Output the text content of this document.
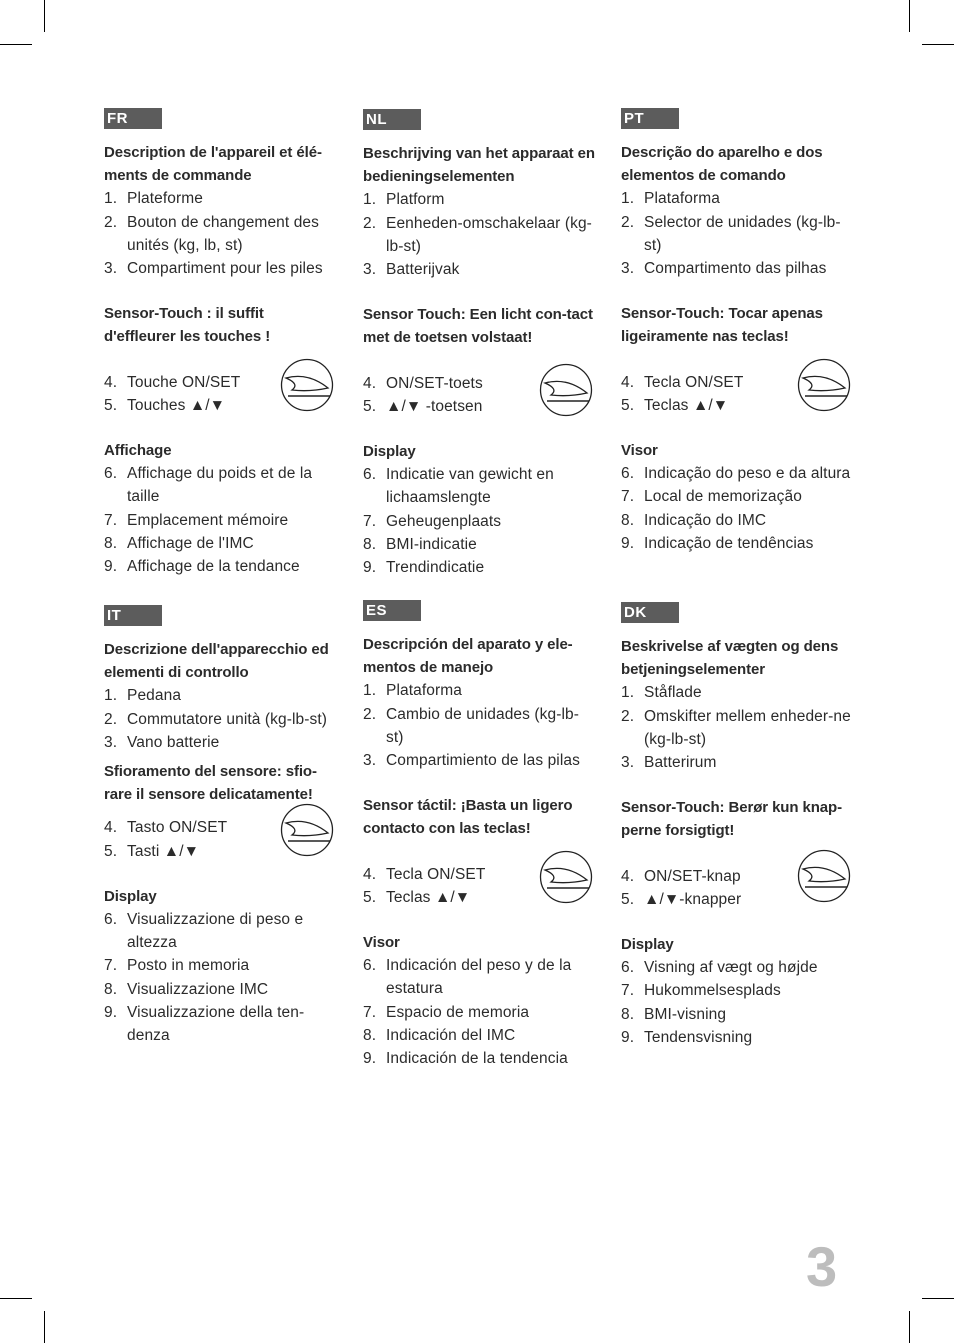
FR
Description de l'appareil et élé-ments de commande
1. Plateforme
2. Bouton de changement des unités (kg, lb, st)
3. Compartiment pour les piles
Sensor-Touch : il suffit d'effleurer les touches !
4. Touche ON/SET
5. Touches ▲/▼
Affichage
6. Affichage du poids et de la taille
7. Emplacement mémoire
8. Affichage de l'IMC
9. Affichage de la tendance
IT
Descrizione dell'apparecchio ed elementi di controllo
1. Pedana
2. Commutatore unità (kg-lb-st)
3. Vano batterie
Sfioramento del sensore: sfio-rare il sensore delicatamente!
4. Tasto ON/SET
5. Tasti ▲/▼
Display
6. Visualizzazione di peso e altezza
7. Posto in memoria
8. Visualizzazione IMC
9. Visualizzazione della ten-denza
NL
Beschrijving van het apparaat en bedieningselementen
1. Platform
2. Eenheden-omschakelaar (kg-lb-st)
3. Batterijvak
Sensor Touch: Een licht con-tact met de toetsen volstaat!
4. ON/SET-toets
5. ▲/▼ -toetsen
Display
6. Indicatie van gewicht en lichaamslengte
7. Geheugenplaats
8. BMI-indicatie
9. Trendindicatie
ES
Descripción del aparato y ele-mentos de manejo
1. Plataforma
2. Cambio de unidades (kg-lb-st)
3. Compartimiento de las pilas
Sensor táctil: ¡Basta un ligero contacto con las teclas!
4. Tecla ON/SET
5. Teclas ▲/▼
Visor
6. Indicación del peso y de la estatura
7. Espacio de memoria
8. Indicación del IMC
9. Indicación de la tendencia
PT
Descrição do aparelho e dos elementos de comando
1. Plataforma
2. Selector de unidades (kg-lb-st)
3. Compartimento das pilhas
Sensor-Touch: Tocar apenas ligeiramente nas teclas!
4. Tecla ON/SET
5. Teclas ▲/▼
Visor
6. Indicação do peso e da altura
7. Local de memorização
8. Indicação do IMC
9. Indicação de tendências
DK
Beskrivelse af vægten og dens betjeningselementer
1. Ståflade
2. Omskifter mellem enheder-ne (kg-lb-st)
3. Batterirum
Sensor-Touch: Berør kun knap-perne forsigtigt!
4. ON/SET-knap
5. ▲/▼-knapper
Display
6. Visning af vægt og højde
7. Hukommelsesplads
8. BMI-visning
9. Tendensvisning
3
